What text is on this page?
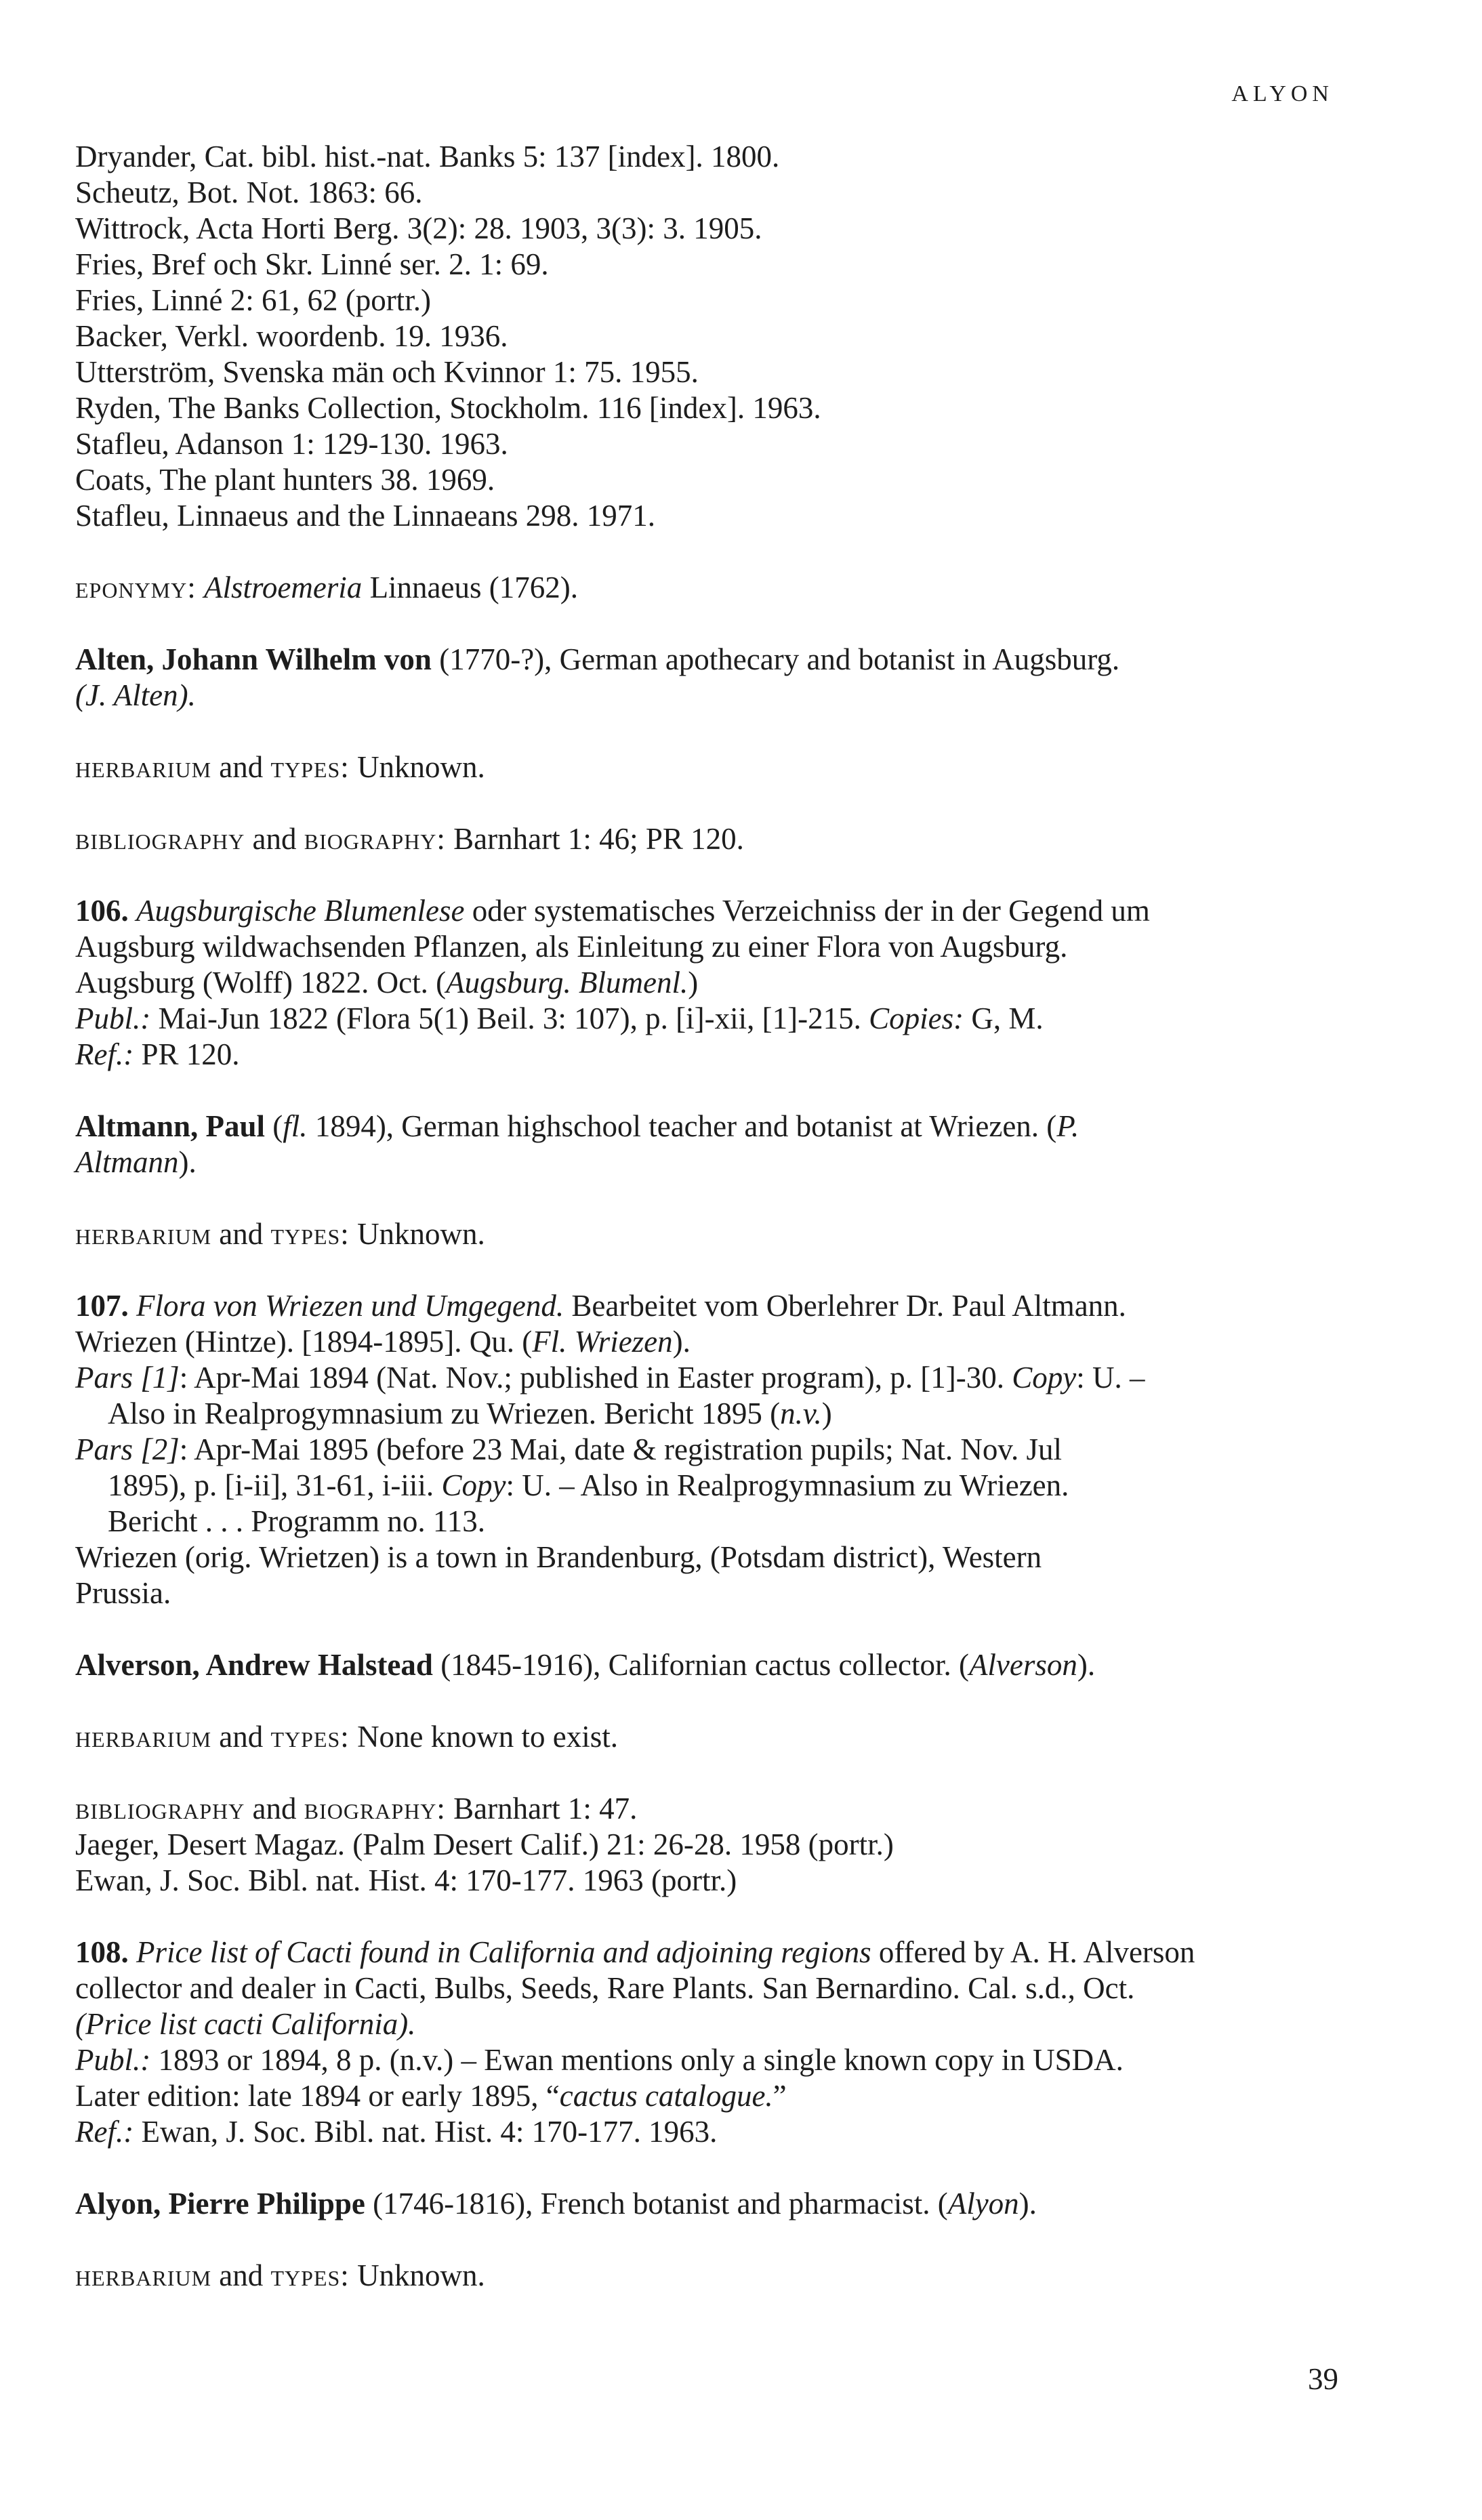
ALYON
Dryander, Cat. bibl. hist.-nat. Banks 5: 137 [index]. 1800.
Scheutz, Bot. Not. 1863: 66.
Wittrock, Acta Horti Berg. 3(2): 28. 1903, 3(3): 3. 1905.
Fries, Bref och Skr. Linné ser. 2. 1: 69.
Fries, Linné 2: 61, 62 (portr.)
Backer, Verkl. woordenb. 19. 1936.
Utterström, Svenska män och Kvinnor 1: 75. 1955.
Ryden, The Banks Collection, Stockholm. 116 [index]. 1963.
Stafleu, Adanson 1: 129-130. 1963.
Coats, The plant hunters 38. 1969.
Stafleu, Linnaeus and the Linnaeans 298. 1971.
eponymy: Alstroemeria Linnaeus (1762).
Alten, Johann Wilhelm von (1770-?), German apothecary and botanist in Augsburg.
(J. Alten).
herbarium and types: Unknown.
bibliography and biography: Barnhart 1: 46; PR 120.
106. Augsburgische Blumenlese oder systematisches Verzeichniss der in der Gegend um
Augsburg wildwachsenden Pflanzen, als Einleitung zu einer Flora von Augsburg.
Augsburg (Wolff) 1822. Oct. (Augsburg. Blumenl.)
Publ.: Mai-Jun 1822 (Flora 5(1) Beil. 3: 107), p. [i]-xii, [1]-215. Copies: G, M.
Ref.: PR 120.
Altmann, Paul (fl. 1894), German highschool teacher and botanist at Wriezen. (P.
Altmann).
herbarium and types: Unknown.
107. Flora von Wriezen und Umgegend. Bearbeitet vom Oberlehrer Dr. Paul Altmann.
Wriezen (Hintze). [1894-1895]. Qu. (Fl. Wriezen).
Pars [1]: Apr-Mai 1894 (Nat. Nov.; published in Easter program), p. [1]-30. Copy: U. –
Also in Realprogymnasium zu Wriezen. Bericht 1895 (n.v.)
Pars [2]: Apr-Mai 1895 (before 23 Mai, date & registration pupils; Nat. Nov. Jul
1895), p. [i-ii], 31-61, i-iii. Copy: U. – Also in Realprogymnasium zu Wriezen.
Bericht . . . Programm no. 113.
Wriezen (orig. Wrietzen) is a town in Brandenburg, (Potsdam district), Western
Prussia.
Alverson, Andrew Halstead (1845-1916), Californian cactus collector. (Alverson).
herbarium and types: None known to exist.
bibliography and biography: Barnhart 1: 47.
Jaeger, Desert Magaz. (Palm Desert Calif.) 21: 26-28. 1958 (portr.)
Ewan, J. Soc. Bibl. nat. Hist. 4: 170-177. 1963 (portr.)
108. Price list of Cacti found in California and adjoining regions offered by A. H. Alverson
collector and dealer in Cacti, Bulbs, Seeds, Rare Plants. San Bernardino. Cal. s.d., Oct.
(Price list cacti California).
Publ.: 1893 or 1894, 8 p. (n.v.) – Ewan mentions only a single known copy in USDA.
Later edition: late 1894 or early 1895, “cactus catalogue.”
Ref.: Ewan, J. Soc. Bibl. nat. Hist. 4: 170-177. 1963.
Alyon, Pierre Philippe (1746-1816), French botanist and pharmacist. (Alyon).
herbarium and types: Unknown.
39
